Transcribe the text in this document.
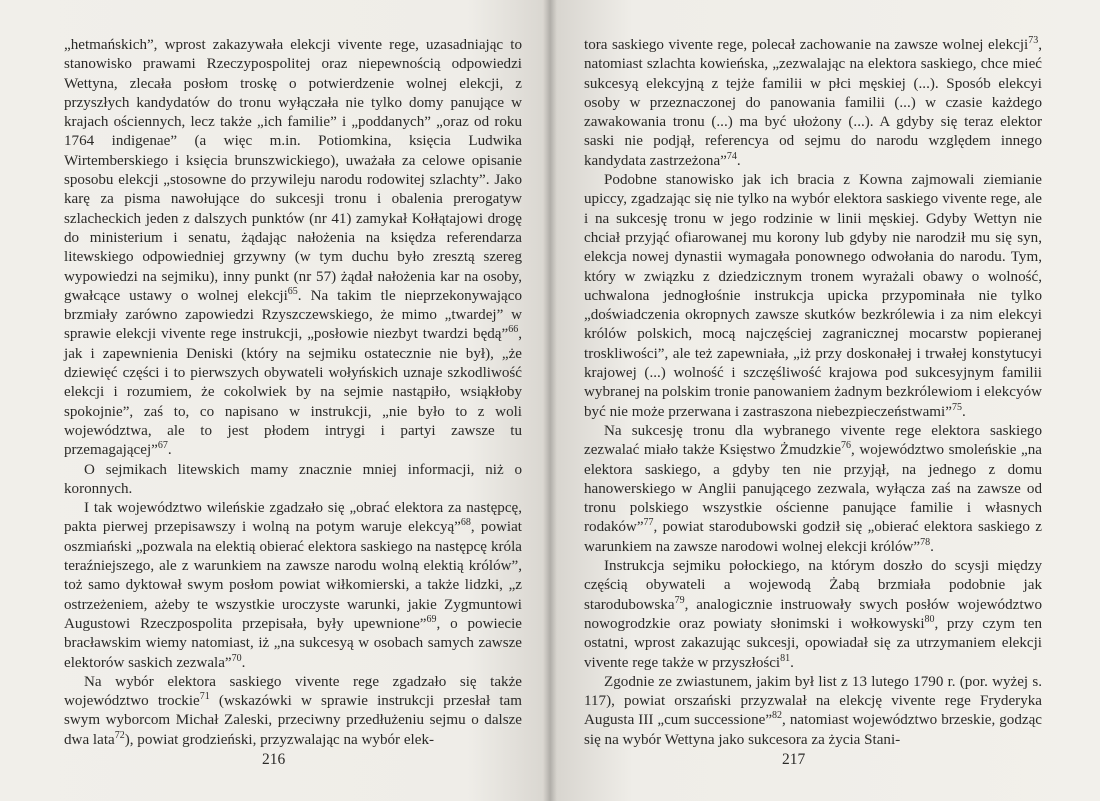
„hetmańskich”, wprost zakazywała elekcji vivente rege, uzasadniając to stanowisko prawami Rzeczypospolitej oraz niepewnością odpowiedzi Wettyna, zlecała posłom troskę o potwierdzenie wolnej elekcji, z przyszłych kandydatów do tronu wyłączała nie tylko domy panujące w krajach ościennych, lecz także „ich familie” i „poddanych” „oraz od roku 1764 indigenae” (a więc m.in. Potiomkina, księcia Ludwika Wirtemberskiego i księcia brunszwickiego), uważała za celowe opisanie sposobu elekcji „stosowne do przywileju narodu rodowitej szlachty”. Jako karę za pisma nawołujące do sukcesji tronu i obalenia prerogatyw szlacheckich jeden z dalszych punktów (nr 41) zamykał Kołłątajowi drogę do ministerium i senatu, żądając nałożenia na księdza referendarza litewskiego odpowiedniej grzywny (w tym duchu było zresztą szereg wypowiedzi na sejmiku), inny punkt (nr 57) żądał nałożenia kar na osoby, gwałcące ustawy o wolnej elekcji$^{65}$. Na takim tle nieprzekonywająco brzmiały zarówno zapowiedzi Rzyszczewskiego, że mimo „twardej” w sprawie elekcji vivente rege instrukcji, „posłowie niezbyt twardzi będą”$^{66}$, jak i zapewnienia Deniski (który na sejmiku ostatecznie nie był), „że dziewięć części i to pierwszych obywateli wołyńskich uznaje szkodliwość elekcji i rozumiem, że cokolwiek by na sejmie nastąpiło, wsiąkłoby spokojnie”, zaś to, co napisano w instrukcji, „nie było to z woli województwa, ale to jest płodem intrygi i partyi zawsze tu przemagającej”$^{67}$.

O sejmikach litewskich mamy znacznie mniej informacji, niż o koronnych.

I tak województwo wileńskie zgadzało się „obrać elektora za następcę, pakta pierwej przepisawszy i wolną na potym waruje elekcyą”$^{68}$, powiat oszmiański „pozwala na elektią obierać elektora saskiego na następcę króla teraźniejszego, ale z warunkiem na zawsze narodu wolną elektią królów”, toż samo dyktował swym posłom powiat wiłkomierski, a także lidzki, „z ostrzeżeniem, ażeby te wszystkie uroczyste warunki, jakie Zygmuntowi Augustowi Rzeczpospolita przepisała, były upewnione”$^{69}$, o powiecie bracławskim wiemy natomiast, iż „na sukcesyą w osobach samych zawsze elektorów saskich zezwala”$^{70}$.

Na wybór elektora saskiego vivente rege zgadzało się także województwo trockie$^{71}$ (wskazówki w sprawie instrukcji przesłał tam swym wyborcom Michał Zaleski, przeciwny przedłużeniu sejmu o dalsze dwa lata$^{72}$), powiat grodzieński, przyzwalając na wybór elek-

216

tora saskiego vivente rege, polecał zachowanie na zawsze wolnej elekcji$^{73}$, natomiast szlachta kowieńska, „zezwalając na elektora saskiego, chce mieć sukcesyą elekcyjną z tejże familii w płci męskiej (...). Sposób elekcyi osoby w przeznaczonej do panowania familii (...) w czasie każdego zawakowania tronu (...) ma być ułożony (...). A gdyby się teraz elektor saski nie podjął, referencya od sejmu do narodu względem innego kandydata zastrzeżona”$^{74}$.

Podobne stanowisko jak ich bracia z Kowna zajmowali ziemianie upiccy, zgadzając się nie tylko na wybór elektora saskiego vivente rege, ale i na sukcesję tronu w jego rodzinie w linii męskiej. Gdyby Wettyn nie chciał przyjąć ofiarowanej mu korony lub gdyby nie narodził mu się syn, elekcja nowej dynastii wymagała ponownego odwołania do narodu. Tym, który w związku z dziedzicznym tronem wyrażali obawy o wolność, uchwalona jednogłośnie instrukcja upicka przypominała nie tylko „doświadczenia okropnych zawsze skutków bezkrólewia i za nim elekcyi królów polskich, mocą najczęściej zagranicznej mocarstw popieranej troskliwości”, ale też zapewniała, „iż przy doskonałej i trwałej konstytucyi krajowej (...) wolność i szczęśliwość krajowa pod sukcesyjnym familii wybranej na polskim tronie panowaniem żadnym bezkrólewiom i elekcyów być nie może przerwana i zastraszona niebezpieczeństwami”$^{75}$.

Na sukcesję tronu dla wybranego vivente rege elektora saskiego zezwalać miało także Księstwo Żmudzkie$^{76}$, województwo smoleńskie „na elektora saskiego, a gdyby ten nie przyjął, na jednego z domu hanowerskiego w Anglii panującego zezwala, wyłącza zaś na zawsze od tronu polskiego wszystkie ościenne panujące familie i własnych rodaków”$^{77}$, powiat starodubowski godził się „obierać elektora saskiego z warunkiem na zawsze narodowi wolnej elekcji królów”$^{78}$.

Instrukcja sejmiku połockiego, na którym doszło do scysji między częścią obywateli a wojewodą Żabą brzmiała podobnie jak starodubowska$^{79}$, analogicznie instruowały swych posłów województwo nowogrodzkie oraz powiaty słonimski i wołkowyski$^{80}$, przy czym ten ostatni, wprost zakazując sukcesji, opowiadał się za utrzymaniem elekcji vivente rege także w przyszłości$^{81}$.

Zgodnie ze zwiastunem, jakim był list z 13 lutego 1790 r. (por. wyżej s. 117), powiat orszański przyzwalał na elekcję vivente rege Fryderyka Augusta III „cum successione”$^{82}$, natomiast województwo brzeskie, godząc się na wybór Wettyna jako sukcesora za życia Stani-

217
